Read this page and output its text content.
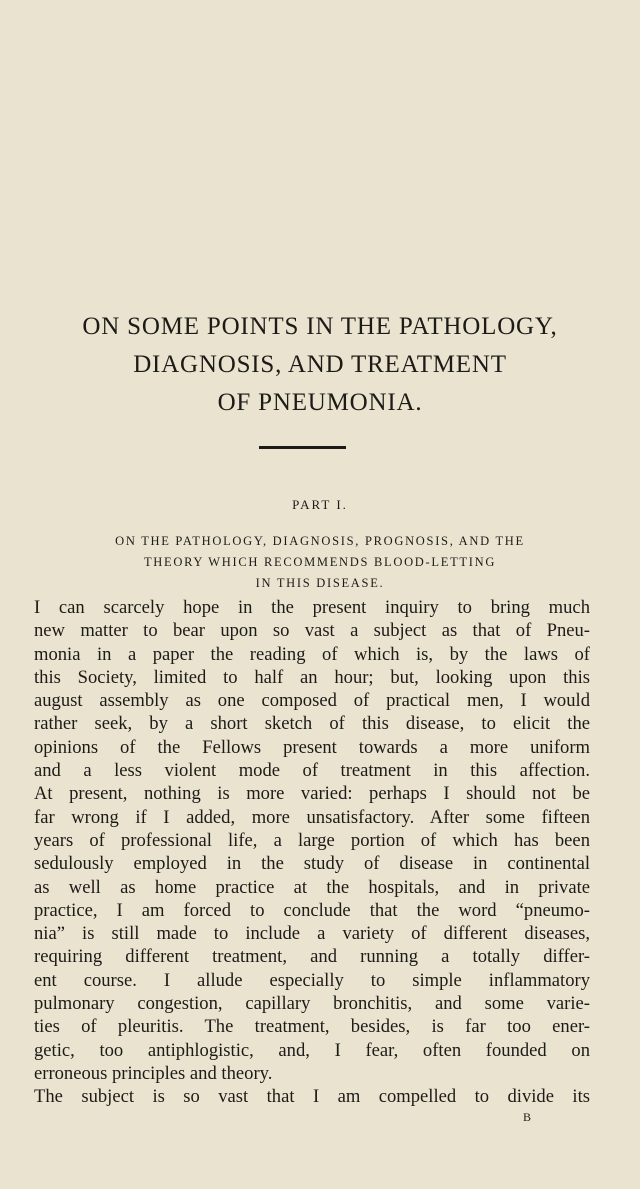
ON SOME POINTS IN THE PATHOLOGY,
DIAGNOSIS, AND TREATMENT
OF PNEUMONIA.
PART I.
ON THE PATHOLOGY, DIAGNOSIS, PROGNOSIS, AND THE
THEORY WHICH RECOMMENDS BLOOD-LETTING
IN THIS DISEASE.
I can scarcely hope in the present inquiry to bring much
new matter to bear upon so vast a subject as that of Pneu-
monia in a paper the reading of which is, by the laws of
this Society, limited to half an hour; but, looking upon this
august assembly as one composed of practical men, I would
rather seek, by a short sketch of this disease, to elicit the
opinions of the Fellows present towards a more uniform
and a less violent mode of treatment in this affection.
At present, nothing is more varied: perhaps I should not be
far wrong if I added, more unsatisfactory. After some fifteen
years of professional life, a large portion of which has been
sedulously employed in the study of disease in continental
as well as home practice at the hospitals, and in private
practice, I am forced to conclude that the word “pneumo-
nia” is still made to include a variety of different diseases,
requiring different treatment, and running a totally differ-
ent course. I allude especially to simple inflammatory
pulmonary congestion, capillary bronchitis, and some varie-
ties of pleuritis. The treatment, besides, is far too ener-
getic, too antiphlogistic, and, I fear, often founded on
erroneous principles and theory.
The subject is so vast that I am compelled to divide its
B
